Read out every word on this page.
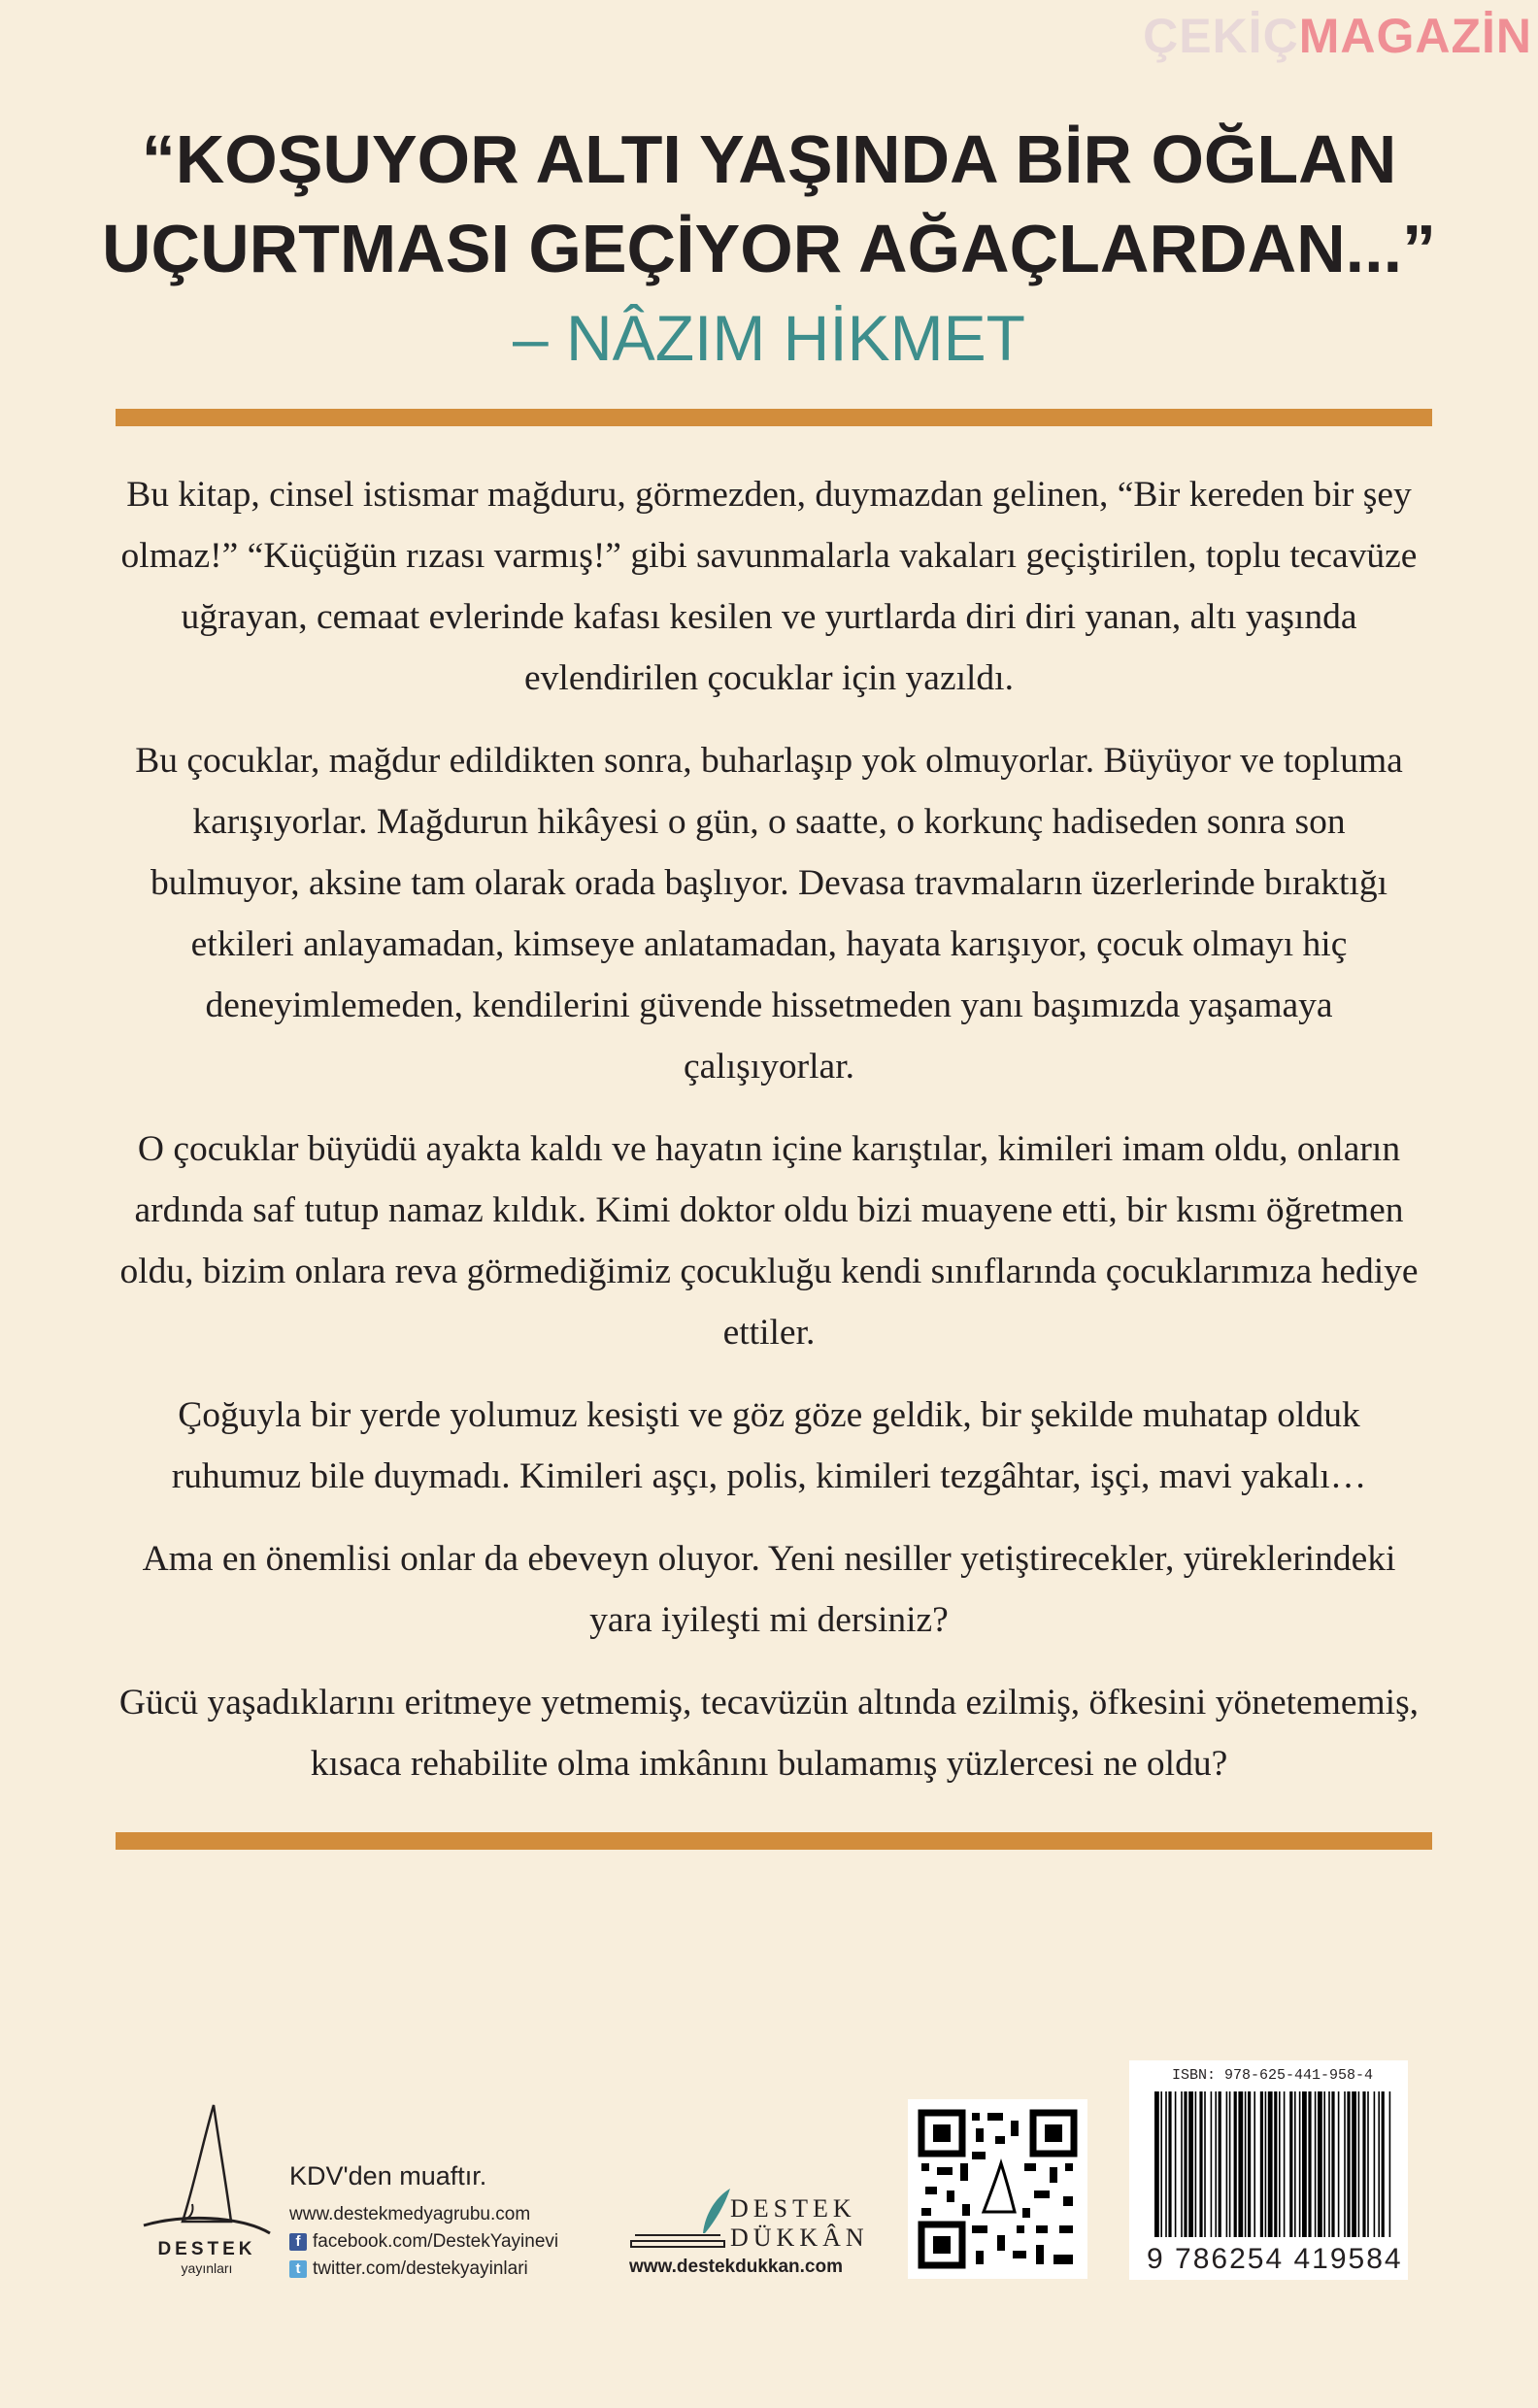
ÇEKİÇMAGAZİN
“KOŞUYOR ALTI YAŞINDA BİR OĞLAN
UÇURTMASI GEÇİYOR AĞAÇLARDAN...”
– NÂZIM HİKMET

Bu kitap, cinsel istismar mağduru, görmezden, duymazdan gelinen, “Bir kereden bir şey olmaz!” “Küçüğün rızası varmış!” gibi savunmalarla vakaları geçiştirilen, toplu tecavüze uğrayan, cemaat evlerinde kafası kesilen ve yurtlarda diri diri yanan, altı yaşında evlendirilen çocuklar için yazıldı.

Bu çocuklar, mağdur edildikten sonra, buharlaşıp yok olmuyorlar. Büyüyor ve topluma karışıyorlar. Mağdurun hikâyesi o gün, o saatte, o korkunç hadiseden sonra son bulmuyor, aksine tam olarak orada başlıyor. Devasa travmaların üzerlerinde bıraktığı etkileri anlayamadan, kimseye anlatamadan, hayata karışıyor, çocuk olmayı hiç deneyimlemeden, kendilerini güvende hissetmeden yanı başımızda yaşamaya çalışıyorlar.

O çocuklar büyüdü ayakta kaldı ve hayatın içine karıştılar, kimileri imam oldu, onların ardında saf tutup namaz kıldık. Kimi doktor oldu bizi muayene etti, bir kısmı öğretmen oldu, bizim onlara reva görmediğimiz çocukluğu kendi sınıflarında çocuklarımıza hediye ettiler.

Çoğuyla bir yerde yolumuz kesişti ve göz göze geldik, bir şekilde muhatap olduk ruhumuz bile duymadı. Kimileri aşçı, polis, kimileri tezgâhtar, işçi, mavi yakalı…

Ama en önemlisi onlar da ebeveyn oluyor. Yeni nesiller yetiştirecekler, yüreklerindeki yara iyileşti mi dersiniz?

Gücü yaşadıklarını eritmeye yetmemiş, tecavüzün altında ezilmiş, öfkesini yönetememiş, kısaca rehabilite olma imkânını bulamamış yüzlercesi ne oldu?

DESTEK
yayınları
KDV'den muaftır.
www.destekmedyagrubu.com
f facebook.com/DestekYayinevi
t twitter.com/destekyayinlari
DESTEK
DÜKKÂN
www.destekdukkan.com
ISBN: 978-625-441-958-4
9 786254 419584
